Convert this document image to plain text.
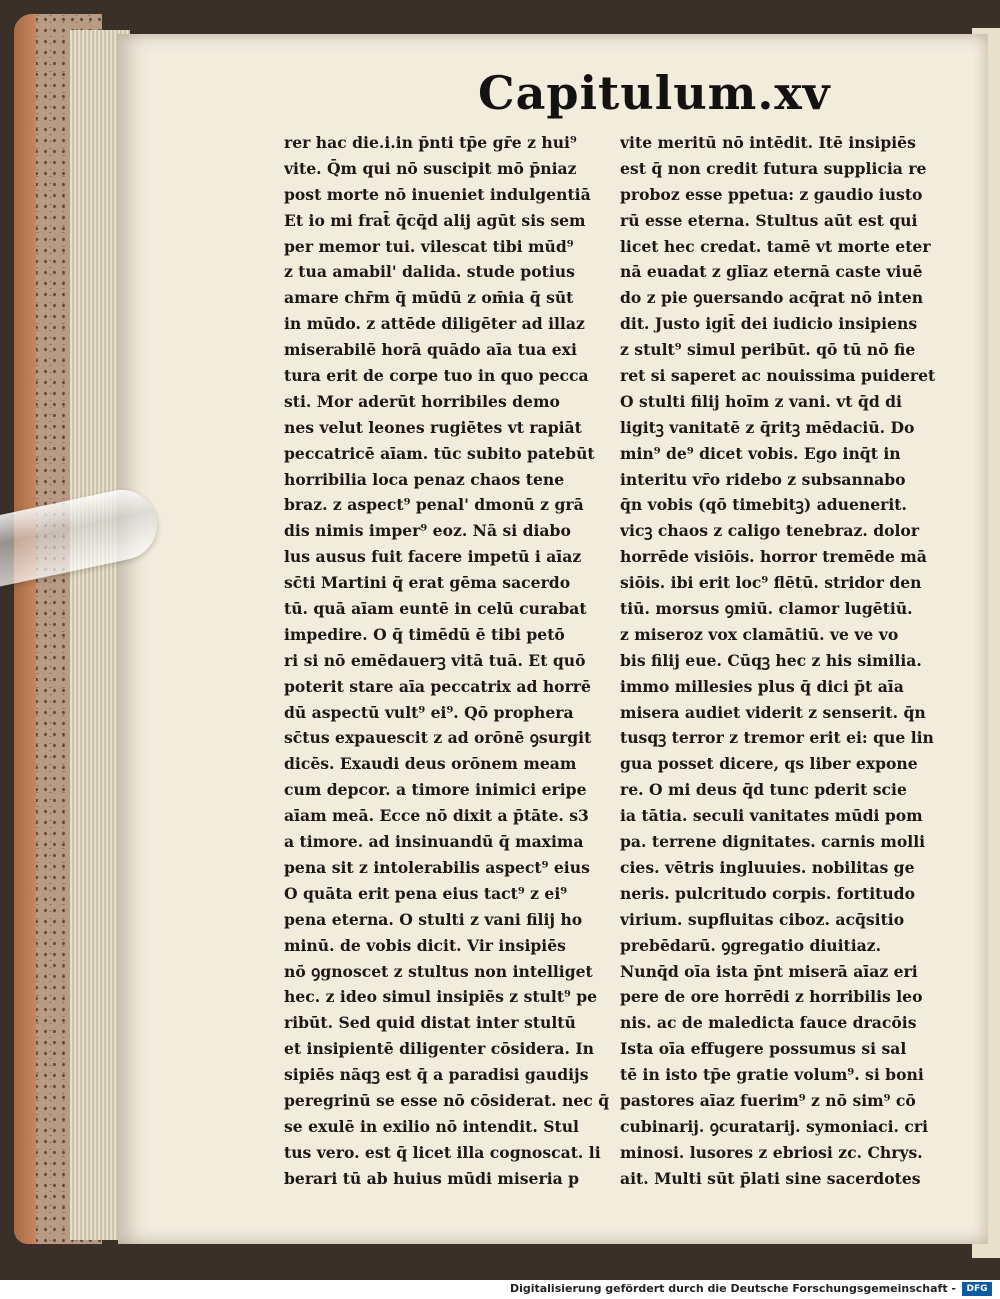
Capitulum.xv
rer hac die.i.in p̄nti tp̄e gr̄e z hui⁹
vite. Q̄m qui nō suscipit mō p̄niaz
post morte nō inueniet indulgentiā
Et io mi frat̄ q̄cq̄d alij agūt sis sem
per memor tui. vilescat tibi mūd⁹
z tua amabil' dalida. stude potius
amare chr̄m q̄ mūdū z om̄ia q̄ sūt
in mūdo. z attēde diligēter ad illaz
miserabilē horā quādo aīa tua exi
tura erit de corpe tuo in quo pecca
sti. Mor aderūt horribiles demo
nes velut leones rugiētes vt rapiāt
peccatricē aīam. tūc subito patebūt
horribilia loca penaz chaos tene
braz. z aspect⁹ penal' dmonū z grā
dis nimis imper⁹ eoz. Nā si diabo
lus ausus fuit facere impetū i aīaz
sc̄ti Martini q̄ erat gēma sacerdo
tū. quā aīam euntē in celū curabat
impedire. O q̄ timēdū ē tibi petō
ri si nō emēdauerꝫ vitā tuā. Et quō
poterit stare aīa peccatrix ad horrē
dū aspectū vult⁹ ei⁹. Qō prophera
sc̄tus expauescit z ad orōnē ꝯsurgit
dicēs. Exaudi deus orōnem meam
cum depcor. a timore inimici eripe
aīam meā. Ecce nō dixit a p̄tāte. s3
a timore. ad insinuandū q̄ maxima
pena sit z intolerabilis aspect⁹ eius
O quāta erit pena eius tact⁹ z ei⁹
pena eterna. O stulti z vani filij ho
minū. de vobis dicit. Vir insipiēs
nō ꝯgnoscet z stultus non intelliget
hec. z ideo simul insipiēs z stult⁹ pe
ribūt. Sed quid distat inter stultū
et insipientē diligenter cōsidera. In
sipiēs nāqꝫ est q̄ a paradisi gaudijs
peregrinū se esse nō cōsiderat. nec q̄
se exulē in exilio nō intendit. Stul
tus vero. est q̄ licet illa cognoscat. li
berari tū ab huius mūdi miseria p
vite meritū nō intēdit. Itē insipiēs
est q̄ non credit futura supplicia re
proboz esse ppetua: z gaudio iusto
rū esse eterna. Stultus aūt est qui
licet hec credat. tamē vt morte eter
nā euadat z glīaz eternā caste viuē
do z pie ꝯuersando acq̄rat nō inten
dit. Justo igit̄ dei iudicio insipiens
z stult⁹ simul peribūt. qō tū nō fie
ret si saperet ac nouissima puideret
O stulti filij hoīm z vani. vt q̄d di
ligitꝫ vanitatē z q̄ritꝫ mēdaciū. Do
min⁹ de⁹ dicet vobis. Ego inq̄t in
interitu vr̄o ridebo z subsannabo
q̄n vobis (qō timebitꝫ) aduenerit.
vicꝫ chaos z caligo tenebraz. dolor
horrēde visiōis. horror tremēde mā
siōis. ibi erit loc⁹ flētū. stridor den
tiū. morsus ꝯmiū. clamor lugētiū.
z miseroz vox clamātiū. ve ve vo
bis filij eue. Cūqꝫ hec z his similia.
immo millesies plus q̄ dici p̄t aīa
misera audiet viderit z senserit. q̄n
tusqꝫ terror z tremor erit ei: que lin
gua posset dicere, qs liber expone
re. O mi deus q̄d tunc pderit scie
ia tātia. seculi vanitates mūdi pom
pa. terrene dignitates. carnis molli
cies. vētris ingluuies. nobilitas ge
neris. pulcritudo corpis. fortitudo
virium. supfluitas ciboz. acq̄sitio
prebēdarū. ꝯgregatio diuitiaz.
Nunq̄d oīa ista p̄nt miserā aīaz eri
pere de ore horrēdi z horribilis leo
nis. ac de maledicta fauce dracōis
Ista oīa effugere possumus si sal
tē in isto tp̄e gratie volum⁹. si boni
pastores aīaz fuerim⁹ z nō sim⁹ cō
cubinarij. ꝯcuratarij. symoniaci. cri
minosi. lusores z ebriosi zc. Chrys.
ait. Multi sūt p̄lati sine sacerdotes
Digitalisierung gefördert durch die Deutsche Forschungsgemeinschaft -	DFG
